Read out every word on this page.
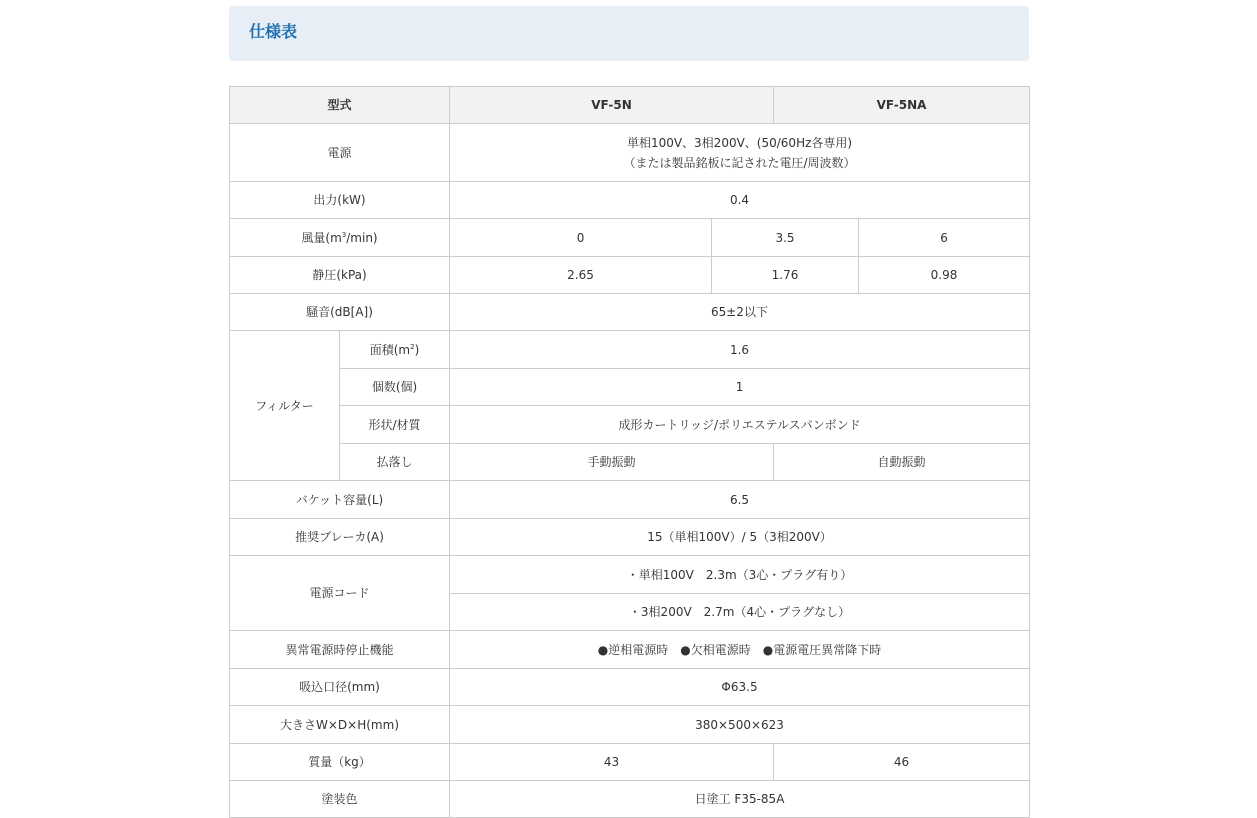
仕様表
型式		VF-5N		VF-5NA	
電源		単相100V、3相200V、(50/60Hz各専用)
（または製品銘板に記された電圧/周波数）			

出力(kW)		0.4			
風量$(m^3/\min)$		0	3.5		6
静圧(kPa)		2.65	1.76		0.98
騒音(dB[A])		65±2以下			
フィルター	面積$(m^2)$	1.6			
	個数(個)	1			
	形状/材質	成形カートリッジ/ポリエステルスパンボンド			
	払落し	手動振動		自動振動	
バケット容量(L)		6.5			
推奨ブレーカ(A)		15（単相100V）/ 5（3相200V）			
電源コード		・単相100V　2.3m（3心・プラグ有り）			
		・3相200V　2.7m（4心・プラグなし）			
異常電源時停止機能		●逆相電源時　●欠相電源時　●電源電圧異常降下時			
吸込口径(mm)		Φ63.5			
大きさW×D×H(mm)		380×500×623			
質量（kg）		43		46	
塗装色		日塗工 F35-85A			
